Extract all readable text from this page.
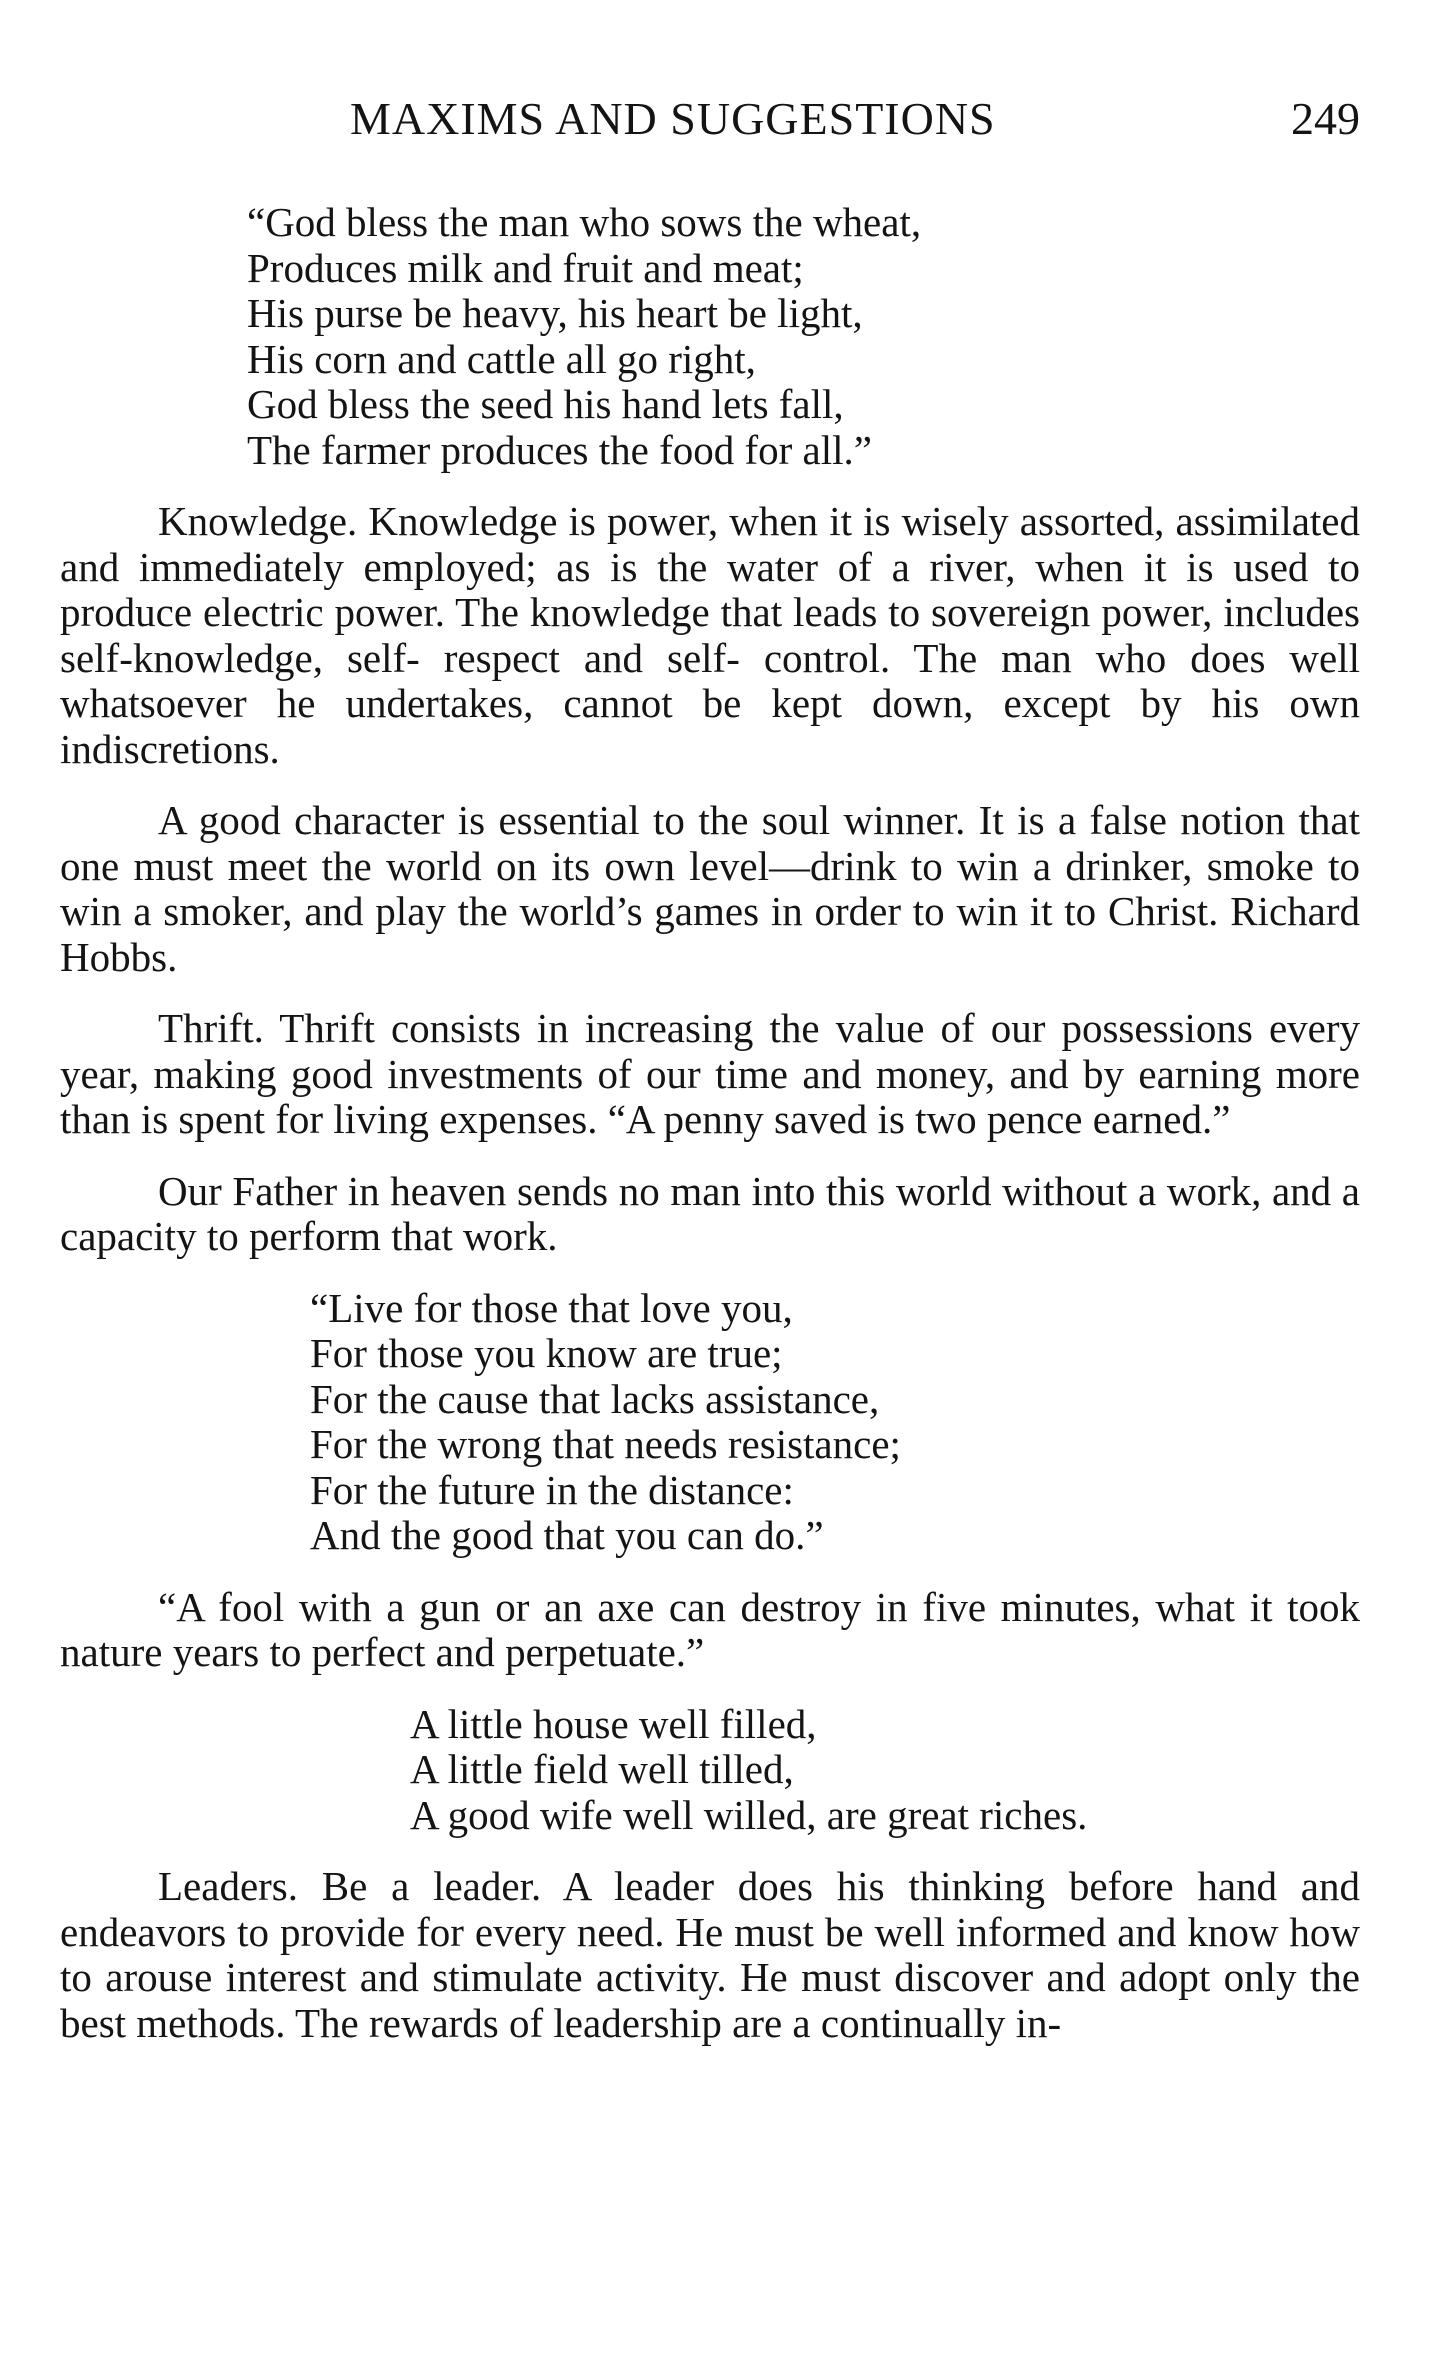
MAXIMS AND SUGGESTIONS	249
“God bless the man who sows the wheat,
Produces milk and fruit and meat;
His purse be heavy, his heart be light,
His corn and cattle all go right,
God bless the seed his hand lets fall,
The farmer produces the food for all.”

Knowledge. Knowledge is power, when it is wisely assorted, assimilated and immediately employed; as is the water of a river, when it is used to produce electric power. The knowledge that leads to sovereign power, includes self-knowledge, self- respect and self- control. The man who does well whatsoever he undertakes, cannot be kept down, except by his own indiscretions.

A good character is essential to the soul winner. It is a false notion that one must meet the world on its own level—drink to win a drinker, smoke to win a smoker, and play the world’s games in order to win it to Christ. Richard Hobbs.

Thrift. Thrift consists in increasing the value of our possessions every year, making good investments of our time and money, and by earning more than is spent for living expenses. “A penny saved is two pence earned.”

Our Father in heaven sends no man into this world without a work, and a capacity to perform that work.

“Live for those that love you,
For those you know are true;
For the cause that lacks assistance,
For the wrong that needs resistance;
For the future in the distance:
And the good that you can do.”

“A fool with a gun or an axe can destroy in five minutes, what it took nature years to perfect and perpetuate.”

A little house well filled,
A little field well tilled,
A good wife well willed, are great riches.

Leaders. Be a leader. A leader does his thinking before hand and endeavors to provide for every need. He must be well informed and know how to arouse interest and stimulate activity. He must discover and adopt only the best methods. The rewards of leadership are a continually in-
